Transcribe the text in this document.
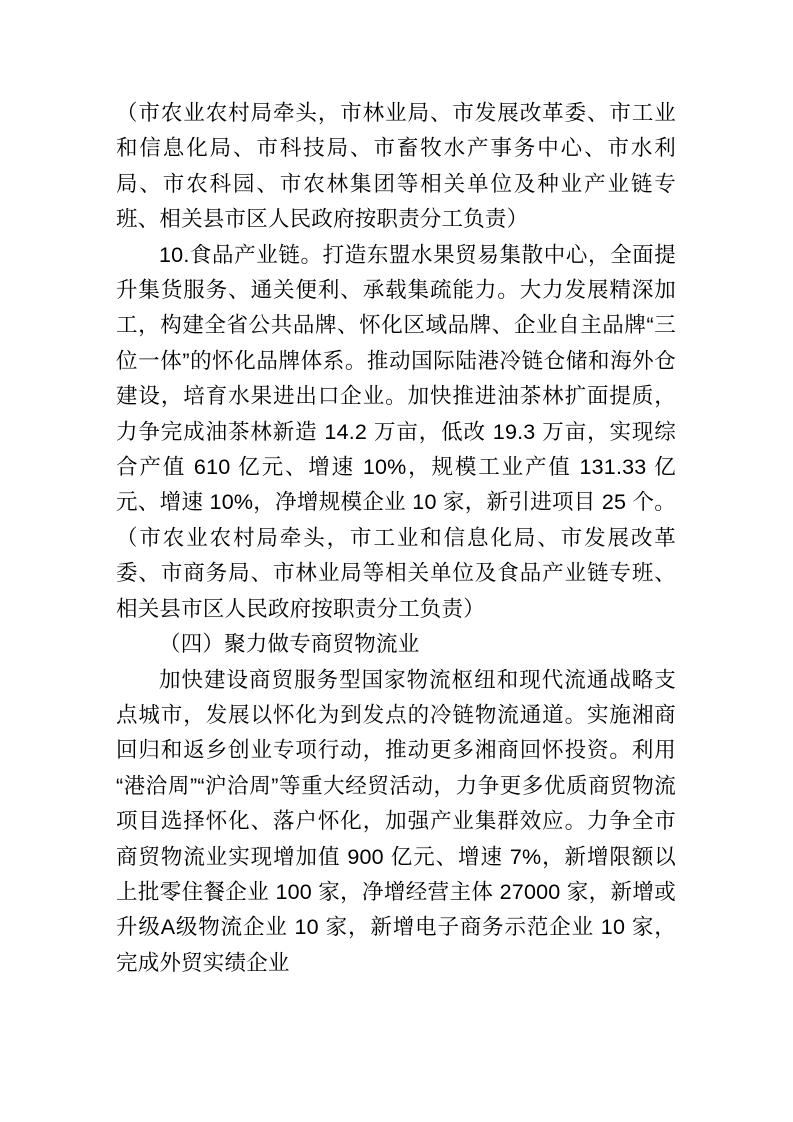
（市农业农村局牵头，市林业局、市发展改革委、市工业和信息化局、市科技局、市畜牧水产事务中心、市水利局、市农科园、市农林集团等相关单位及种业产业链专班、相关县市区人民政府按职责分工负责）

10.食品产业链。打造东盟水果贸易集散中心，全面提升集货服务、通关便利、承载集疏能力。大力发展精深加工，构建全省公共品牌、怀化区域品牌、企业自主品牌“三位一体”的怀化品牌体系。推动国际陆港冷链仓储和海外仓建设，培育水果进出口企业。加快推进油茶林扩面提质，力争完成油茶林新造 14.2 万亩，低改 19.3 万亩，实现综合产值 610 亿元、增速 10%，规模工业产值 131.33 亿元、增速 10%，净增规模企业 10 家，新引进项目 25 个。（市农业农村局牵头，市工业和信息化局、市发展改革委、市商务局、市林业局等相关单位及食品产业链专班、相关县市区人民政府按职责分工负责）

（四）聚力做专商贸物流业

加快建设商贸服务型国家物流枢纽和现代流通战略支点城市，发展以怀化为到发点的冷链物流通道。实施湘商回归和返乡创业专项行动，推动更多湘商回怀投资。利用“港洽周”“沪洽周”等重大经贸活动，力争更多优质商贸物流项目选择怀化、落户怀化，加强产业集群效应。力争全市商贸物流业实现增加值 900 亿元、增速 7%，新增限额以上批零住餐企业 100 家，净增经营主体 27000 家，新增或升级A级物流企业 10 家，新增电子商务示范企业 10 家，完成外贸实绩企业
